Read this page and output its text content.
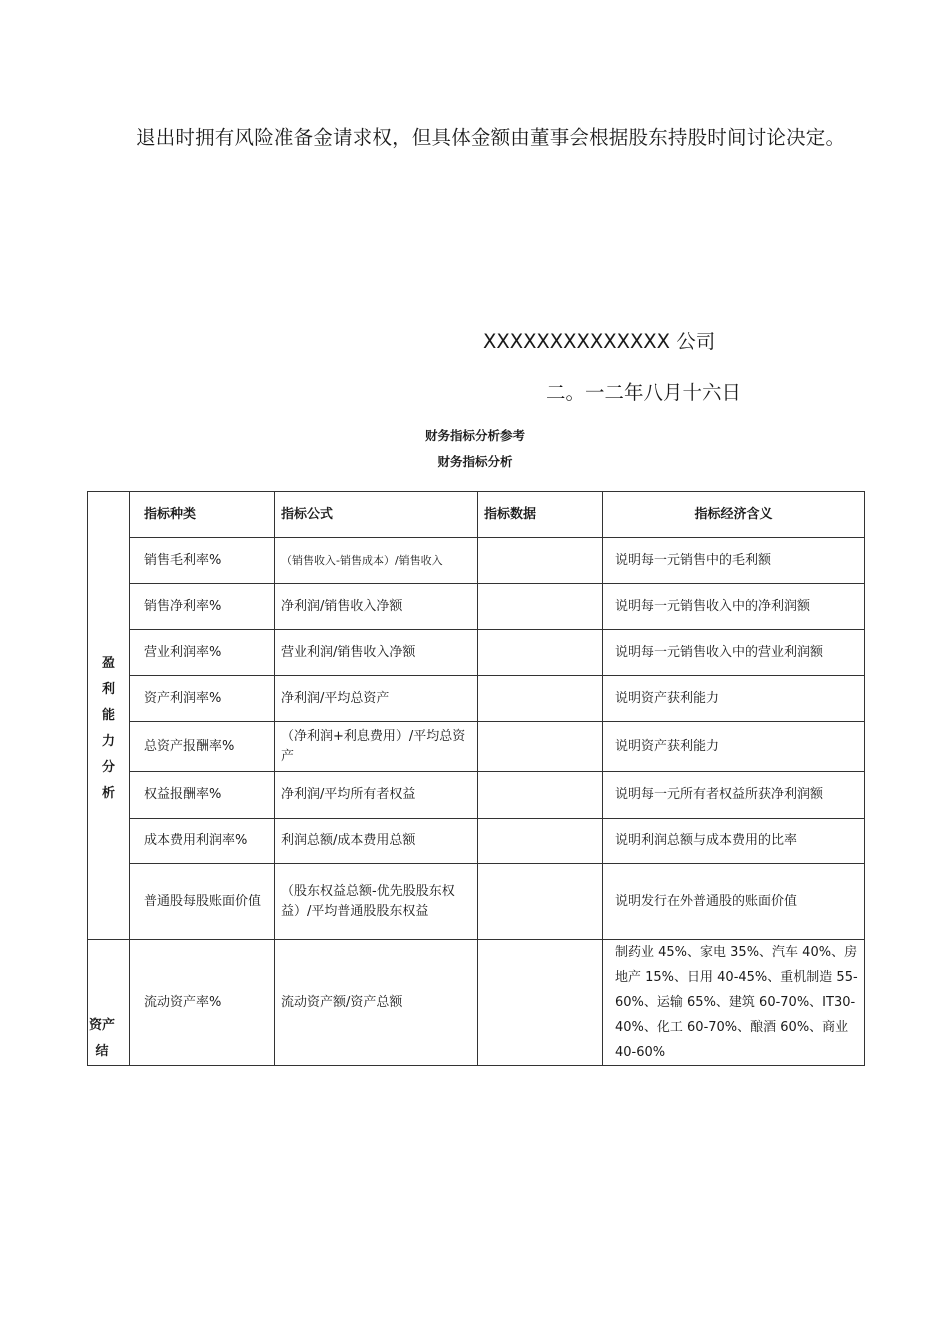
退出时拥有风险准备金请求权，但具体金额由董事会根据股东持股时间讨论决定。
XXXXXXXXXXXXXX 公司
二。一二年八月十六日
财务指标分析参考
财务指标分析
盈利能力分析	指标种类	指标公式	指标数据	指标经济含义
	销售毛利率%	（销售收入-销售成本）/销售收入		说明每一元销售中的毛利额
	销售净利率%	净利润/销售收入净额		说明每一元销售收入中的净利润额
	营业利润率%	营业利润/销售收入净额		说明每一元销售收入中的营业利润额
	资产利润率%	净利润/平均总资产		说明资产获利能力
	总资产报酬率%	（净利润+利息费用）/平均总资产		说明资产获利能力
	权益报酬率%	净利润/平均所有者权益		说明每一元所有者权益所获净利润额
	成本费用利润率%	利润总额/成本费用总额		说明利润总额与成本费用的比率
	普通股每股账面价值	（股东权益总额-优先股股东权益）/平均普通股股东权益		说明发行在外普通股的账面价值

资产结	流动资产率%	流动资产额/资产总额		制药业 45%、家电 35%、汽车 40%、房地产 15%、日用 40-45%、重机制造 55-60%、运输 65%、建筑 60-70%、IT30-40%、化工 60-70%、酿酒 60%、商业 40-60%
